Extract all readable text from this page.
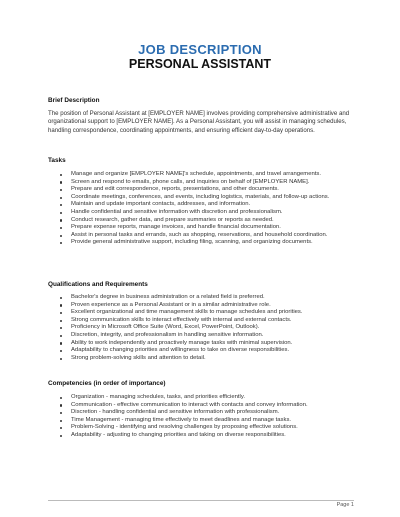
JOB DESCRIPTION
PERSONAL ASSISTANT
Brief Description
The position of Personal Assistant at [EMPLOYER NAME] involves providing comprehensive administrative and organizational support to [EMPLOYER NAME]. As a Personal Assistant, you will assist in managing schedules, handling correspondence, coordinating appointments, and ensuring efficient day-to-day operations.
Tasks
Manage and organize [EMPLOYER NAME]'s schedule, appointments, and travel arrangements.
Screen and respond to emails, phone calls, and inquiries on behalf of [EMPLOYER NAME].
Prepare and edit correspondence, reports, presentations, and other documents.
Coordinate meetings, conferences, and events, including logistics, materials, and follow-up actions.
Maintain and update important contacts, addresses, and information.
Handle confidential and sensitive information with discretion and professionalism.
Conduct research, gather data, and prepare summaries or reports as needed.
Prepare expense reports, manage invoices, and handle financial documentation.
Assist in personal tasks and errands, such as shopping, reservations, and household coordination.
Provide general administrative support, including filing, scanning, and organizing documents.
Qualifications and Requirements
Bachelor's degree in business administration or a related field is preferred.
Proven experience as a Personal Assistant or in a similar administrative role.
Excellent organizational and time management skills to manage schedules and priorities.
Strong communication skills to interact effectively with internal and external contacts.
Proficiency in Microsoft Office Suite (Word, Excel, PowerPoint, Outlook).
Discretion, integrity, and professionalism in handling sensitive information.
Ability to work independently and proactively manage tasks with minimal supervision.
Adaptability to changing priorities and willingness to take on diverse responsibilities.
Strong problem-solving skills and attention to detail.
Competencies (in order of importance)
Organization - managing schedules, tasks, and priorities efficiently.
Communication - effective communication to interact with contacts and convey information.
Discretion - handling confidential and sensitive information with professionalism.
Time Management - managing time effectively to meet deadlines and manage tasks.
Problem-Solving - identifying and resolving challenges by proposing effective solutions.
Adaptability - adjusting to changing priorities and taking on diverse responsibilities.
Page 1
